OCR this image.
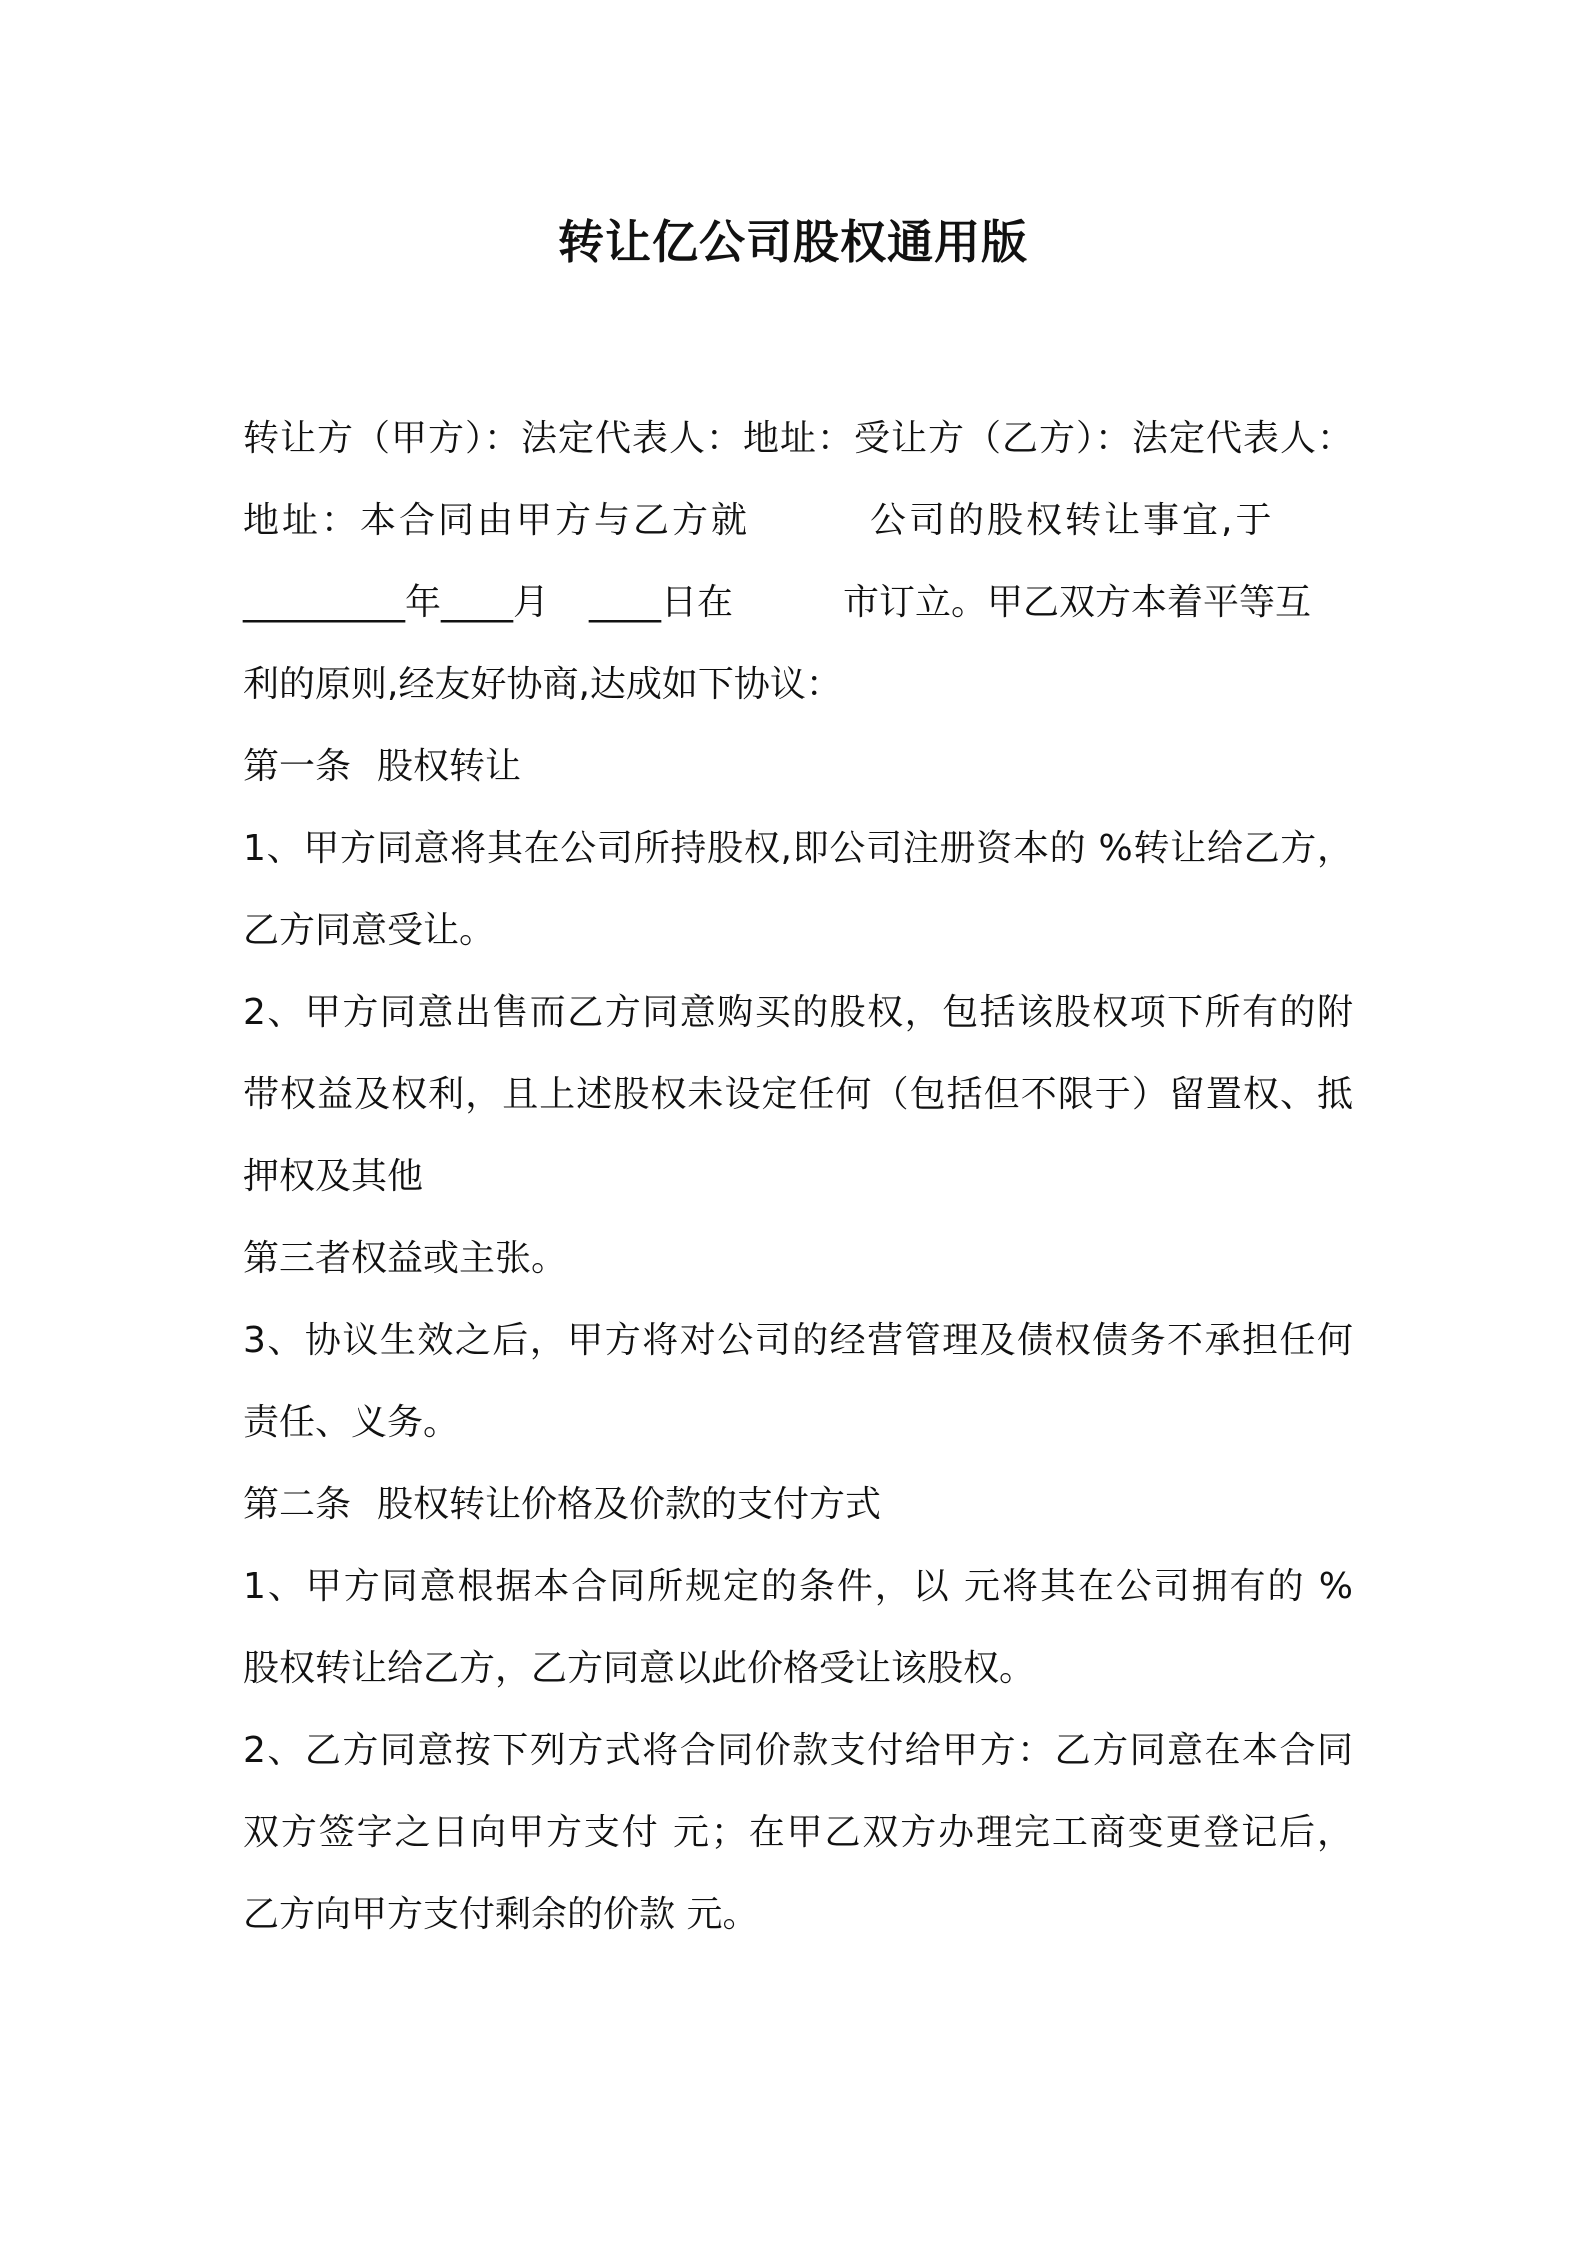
转让亿公司股权通用版
转让方（甲方）：法定代表人：地址：受让方（乙方）：法定代表人：
地址：本合同由甲方与乙方就	公司的股权转让事宜,于
_________年____月 ____日在	市订立。甲乙双方本着平等互
利的原则,经友好协商,达成如下协议：
第一条 股权转让
1、甲方同意将其在公司所持股权,即公司注册资本的 %转让给乙方，
乙方同意受让。
2、甲方同意出售而乙方同意购买的股权，包括该股权项下所有的附
带权益及权利，且上述股权未设定任何（包括但不限于）留置权、抵
押权及其他
第三者权益或主张。
3、协议生效之后，甲方将对公司的经营管理及债权债务不承担任何
责任、义务。
第二条 股权转让价格及价款的支付方式
1、甲方同意根据本合同所规定的条件，以 元将其在公司拥有的 %
股权转让给乙方，乙方同意以此价格受让该股权。
2、乙方同意按下列方式将合同价款支付给甲方：乙方同意在本合同
双方签字之日向甲方支付 元；在甲乙双方办理完工商变更登记后，
乙方向甲方支付剩余的价款 元。
